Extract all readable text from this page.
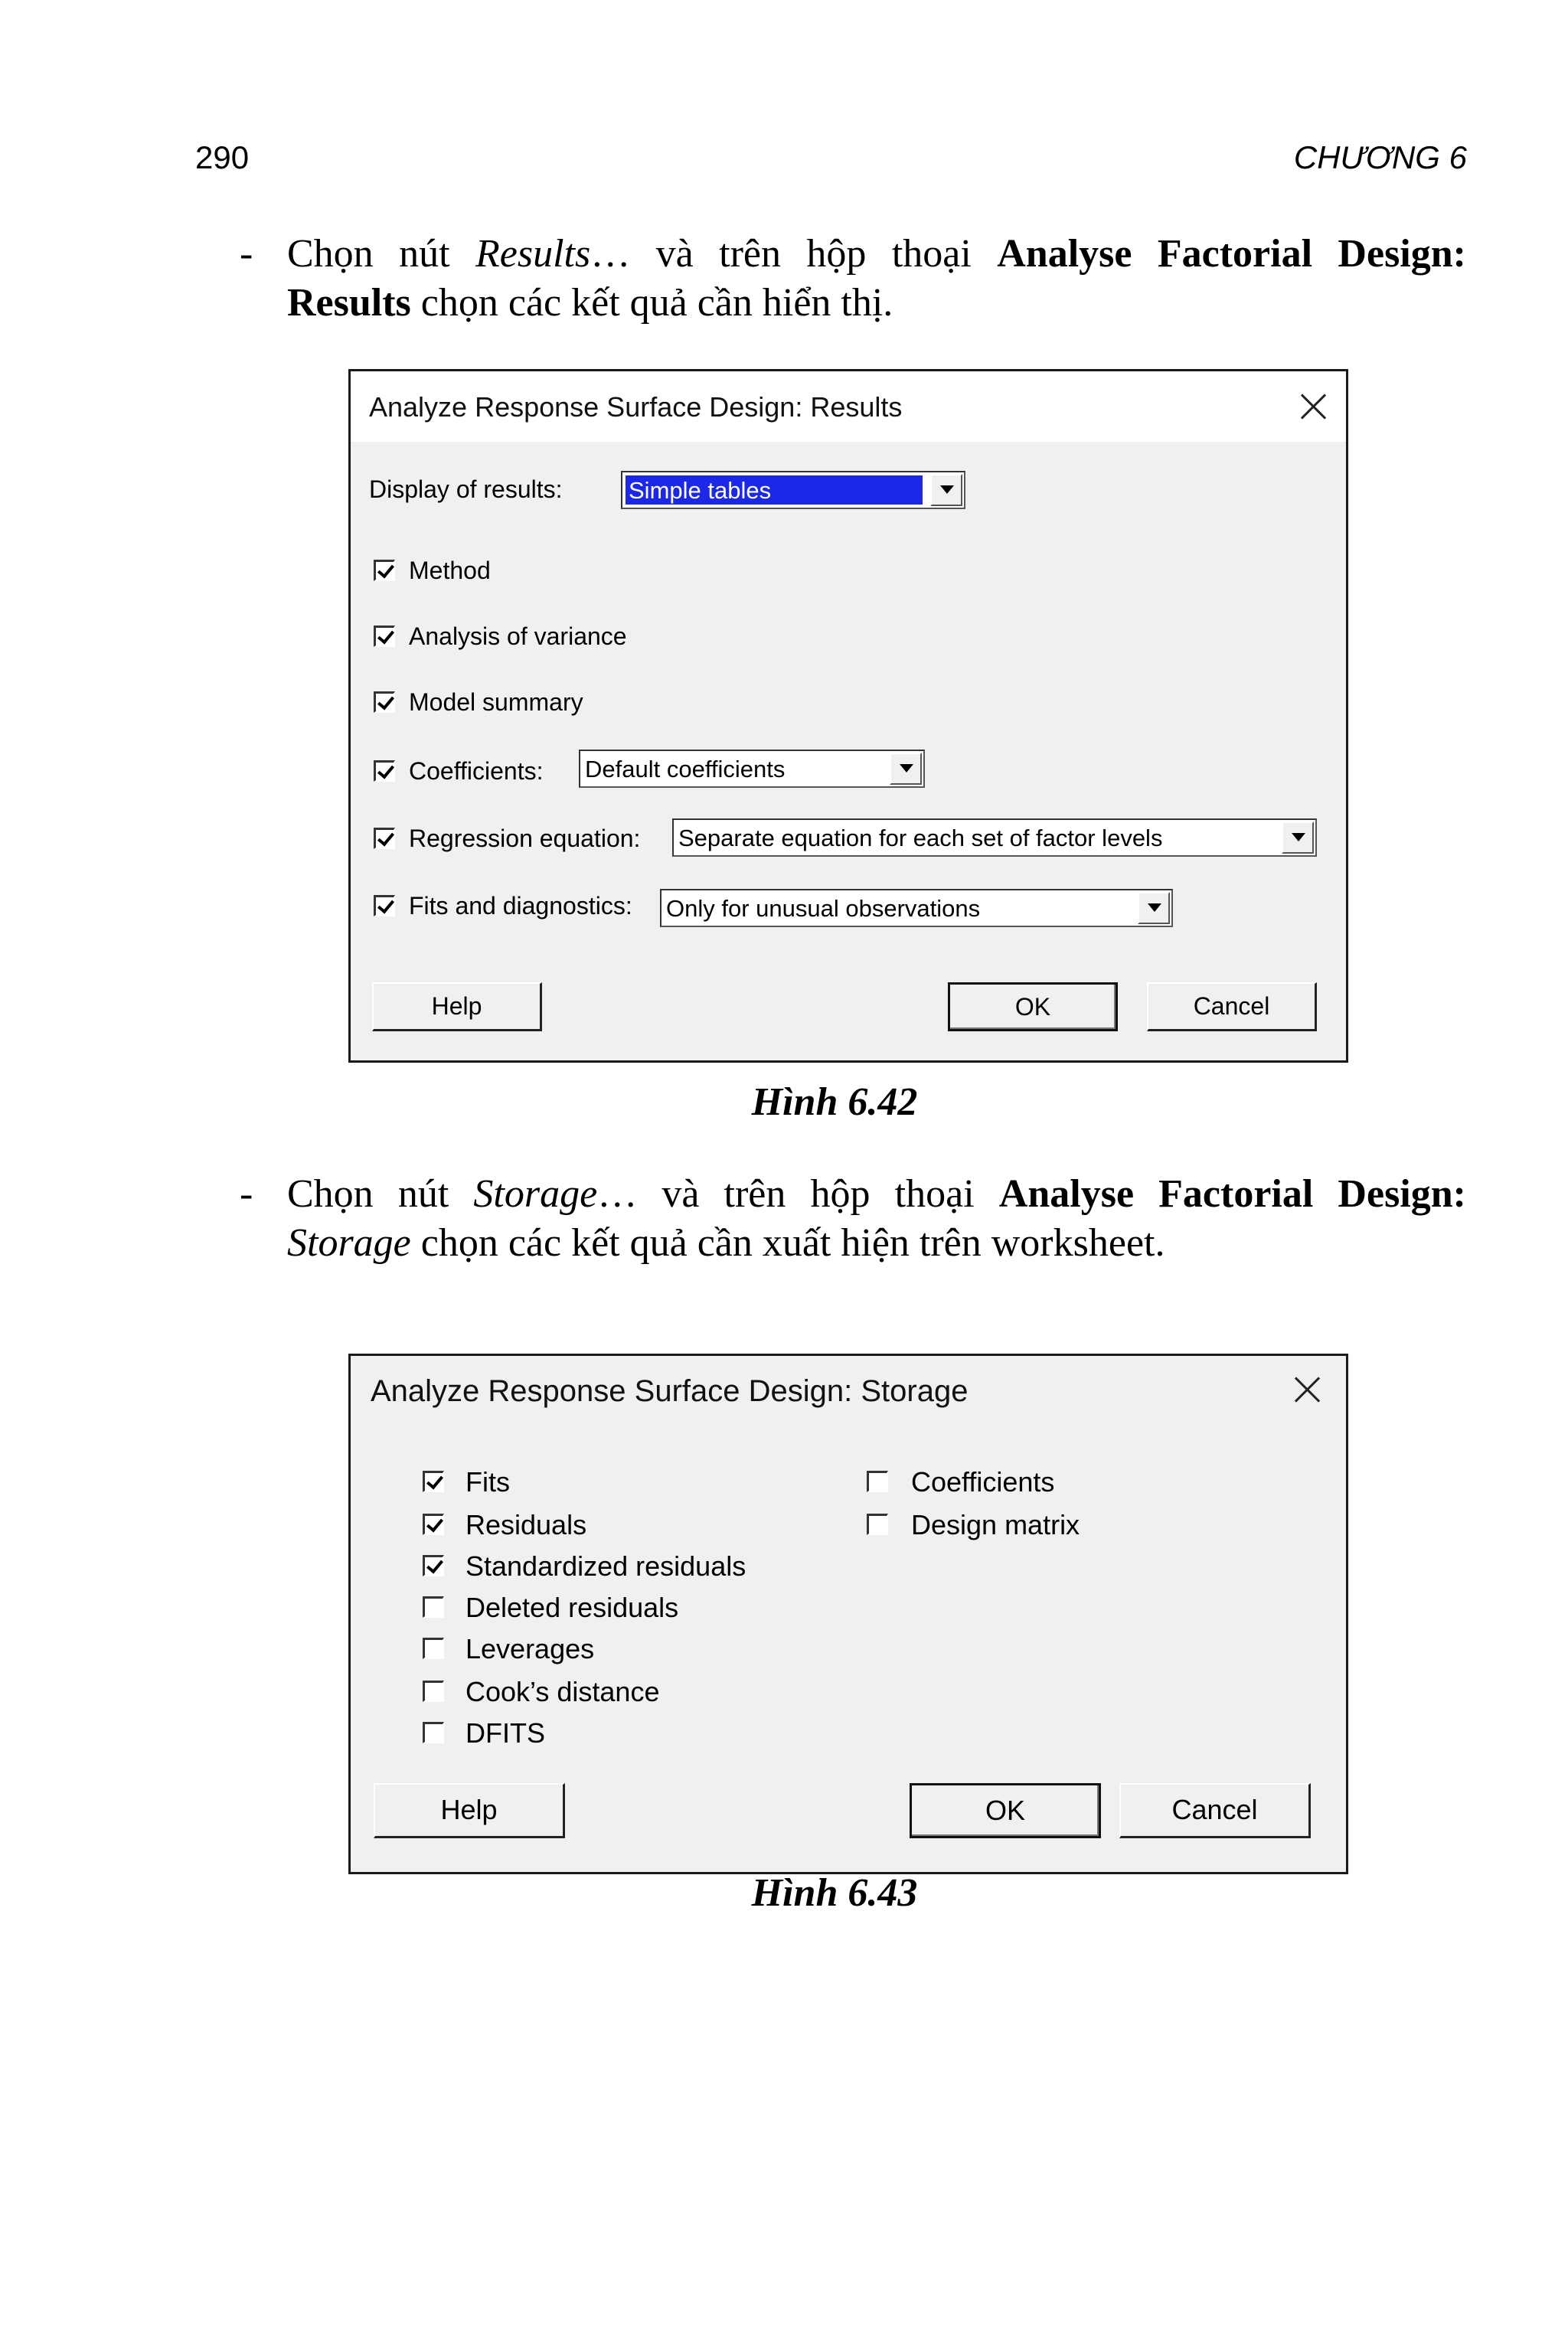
290	CHƯƠNG 6
- Chọn nút Results… và trên hộp thoại Analyse Factorial Design:
Results chọn các kết quả cần hiển thị.
Analyze Response Surface Design: Results
Display of results:	Simple tables
Method
Analysis of variance
Model summary
Coefficients: Default coefficients
Regression equation: Separate equation for each set of factor levels
Fits and diagnostics: Only for unusual observations
Help	OK	Cancel
Hình 6.42
- Chọn nút Storage… và trên hộp thoại Analyse Factorial Design:
Storage chọn các kết quả cần xuất hiện trên worksheet.
Analyze Response Surface Design: Storage
Fits
Residuals
Standardized residuals
Deleted residuals
Leverages
Cook’s distance
DFITS
Coefficients
Design matrix
Help	OK	Cancel
Hình 6.43
